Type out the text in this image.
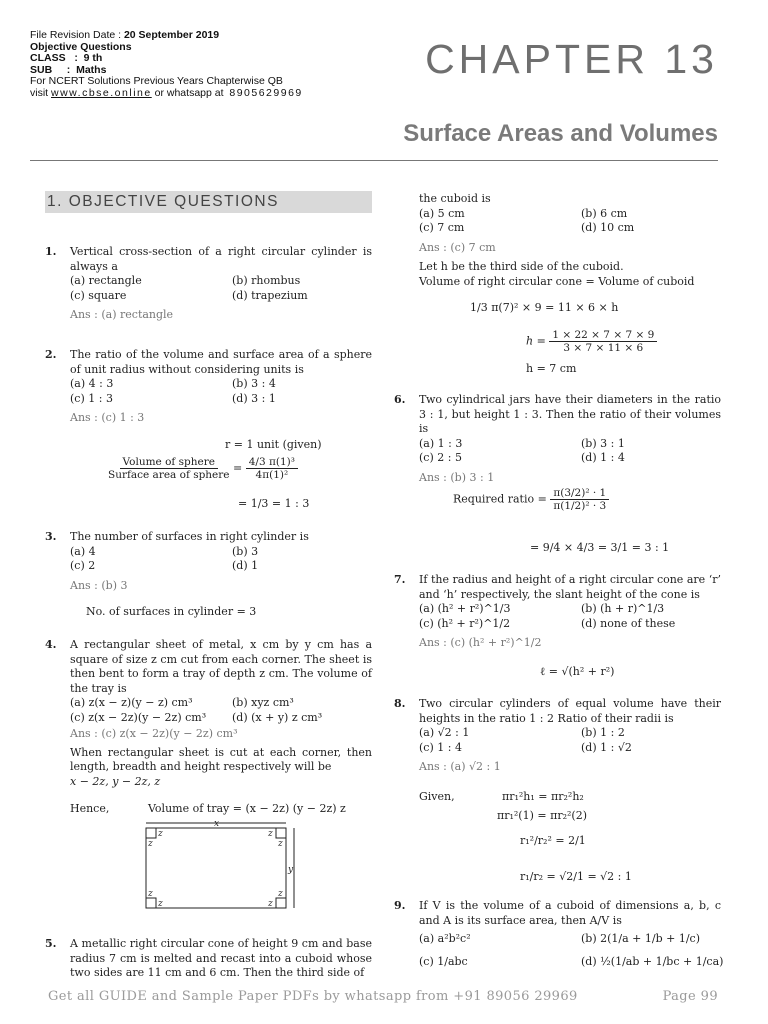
File Revision Date : 20 September 2019
Objective Questions
CLASS   :  9 th
SUB     :  Maths
For NCERT Solutions Previous Years Chapterwise QB
visit www.cbse.online or whatsapp at  8905629969
CHAPTER 13
Surface Areas and Volumes
1. OBJECTIVE QUESTIONS
1. Vertical cross-section of a right circular cylinder is always a
(a) rectangle	(b) rhombus
(c) square	(d) trapezium
Ans : (a) rectangle
2. The ratio of the volume and surface area of a sphere of unit radius without considering units is
(a) 4 : 3	(b) 3 : 4
(c) 1 : 3	(d) 3 : 1
Ans : (c) 1 : 3
r = 1 unit (given)
$\frac{\text{Volume of sphere}}{\text{Surface area of sphere}} = \frac{\text{4/3 π(1)³}}{\text{4π(1)²}}$
= 1/3 = 1 : 3
3. The number of surfaces in right cylinder is
(a) 4	(b) 3
(c) 2	(d) 1
Ans : (b) 3
No. of surfaces in cylinder = 3
4. A rectangular sheet of metal, x cm by y cm has a square of size z cm cut from each corner. The sheet is then bent to form a tray of depth z cm. The volume of the tray is
(a) z(x − z)(y − z) cm³	(b) xyz cm³
(c) z(x − 2z)(y − 2z) cm³	(d) (x + y) z cm³
Ans : (c) z(x − 2z)(y − 2z) cm³
When rectangular sheet is cut at each corner, then length, breadth and height respectively will be
x − 2z, y − 2z, z
Hence,	Volume of tray = (x − 2z) (y − 2z) z
x
y
z
z
z
z
z
z
z
z
5. A metallic right circular cone of height 9 cm and base radius 7 cm is melted and recast into a cuboid whose two sides are 11 cm and 6 cm. Then the third side of
the cuboid is
(a) 5 cm	(b) 6 cm
(c) 7 cm	(d) 10 cm
Ans : (c) 7 cm
Let h be the third side of the cuboid.
Volume of right circular cone = Volume of cuboid
1/3 π(7)² × 9 = 11 × 6 × h
$h = \frac{1 \times 22 \times 7 \times 7 \times 9}{3 \times 7 \times 11 \times 6}$
h = 7 cm
6. Two cylindrical jars have their diameters in the ratio 3 : 1, but height 1 : 3. Then the ratio of their volumes is
(a) 1 : 3	(b) 3 : 1
(c) 2 : 5	(d) 1 : 4
Ans : (b) 3 : 1
Required ratio = $\frac{\text{π(3/2)² · 1}}{\text{π(1/2)² · 3}}$
= 9/4 × 4/3 = 3/1 = 3 : 1
7. If the radius and height of a right circular cone are ‘r’ and ‘h’ respectively, the slant height of the cone is
(a) (h² + r²)^1/3	(b) (h + r)^1/3
(c) (h² + r²)^1/2	(d) none of these
Ans : (c) (h² + r²)^1/2
ℓ = √(h² + r²)
8. Two circular cylinders of equal volume have their heights in the ratio 1 : 2 Ratio of their radii is
(a) √2 : 1	(b) 1 : 2
(c) 1 : 4	(d) 1 : √2
Ans : (a) √2 : 1
Given,	πr₁²h₁ = πr₂²h₂
πr₁²(1) = πr₂²(2)
r₁²/r₂² = 2/1
r₁/r₂ = √2/1 = √2 : 1
9. If V is the volume of a cuboid of dimensions a, b, c and A is its surface area, then A/V is
(a) a²b²c²	(b) 2(1/a + 1/b + 1/c)
(c) 1/abc	(d) ½(1/ab + 1/bc + 1/ca)
Get all GUIDE and Sample Paper PDFs by whatsapp from +91 89056 29969	Page 99
